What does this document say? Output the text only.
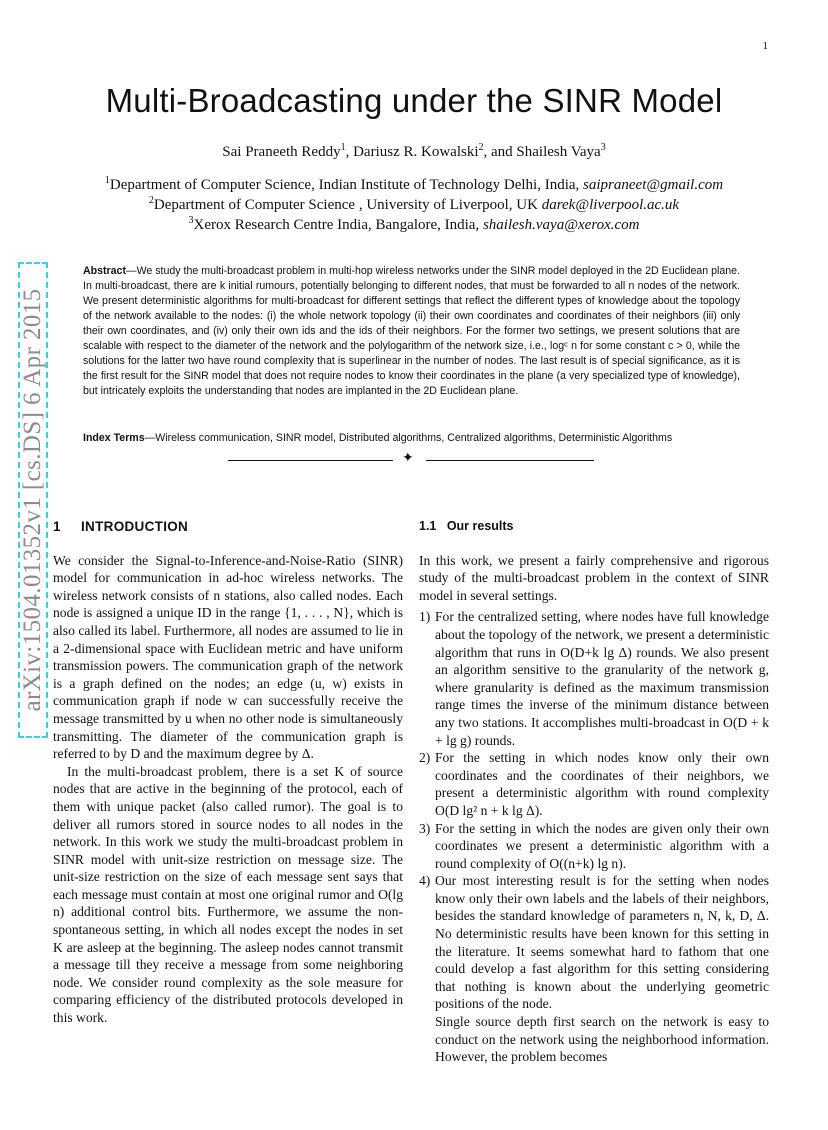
1
Multi-Broadcasting under the SINR Model
Sai Praneeth Reddy$^1$, Dariusz R. Kowalski$^2$, and Shailesh Vaya$^3$
$^1$Department of Computer Science, Indian Institute of Technology Delhi, India, saipraneet@gmail.com
$^2$Department of Computer Science , University of Liverpool, UK darek@liverpool.ac.uk
$^3$Xerox Research Centre India, Bangalore, India, shailesh.vaya@xerox.com
arXiv:1504.01352v1 [cs.DS] 6 Apr 2015
Abstract—We study the multi-broadcast problem in multi-hop wireless networks under the SINR model deployed in the 2D Euclidean plane. In multi-broadcast, there are k initial rumours, potentially belonging to different nodes, that must be forwarded to all n nodes of the network. We present deterministic algorithms for multi-broadcast for different settings that reflect the different types of knowledge about the topology of the network available to the nodes: (i) the whole network topology (ii) their own coordinates and coordinates of their neighbors (iii) only their own coordinates, and (iv) only their own ids and the ids of their neighbors. For the former two settings, we present solutions that are scalable with respect to the diameter of the network and the polylogarithm of the network size, i.e., logᶜ n for some constant c > 0, while the solutions for the latter two have round complexity that is superlinear in the number of nodes. The last result is of special significance, as it is the first result for the SINR model that does not require nodes to know their coordinates in the plane (a very specialized type of knowledge), but intricately exploits the understanding that nodes are implanted in the 2D Euclidean plane.
Index Terms—Wireless communication, SINR model, Distributed algorithms, Centralized algorithms, Deterministic Algorithms
✦
1 INTRODUCTION

We consider the Signal-to-Inference-and-Noise-Ratio (SINR) model for communication in ad-hoc wireless networks. The wireless network consists of n stations, also called nodes. Each node is assigned a unique ID in the range {1, . . . , N}, which is also called its label. Furthermore, all nodes are assumed to lie in a 2-dimensional space with Euclidean metric and have uniform transmission powers. The communication graph of the network is a graph defined on the nodes; an edge (u, w) exists in communication graph if node w can successfully receive the message transmitted by u when no other node is simultaneously transmitting. The diameter of the communication graph is referred to by D and the maximum degree by Δ.

In the multi-broadcast problem, there is a set K of source nodes that are active in the beginning of the protocol, each of them with unique packet (also called rumor). The goal is to deliver all rumors stored in source nodes to all nodes in the network. In this work we study the multi-broadcast problem in SINR model with unit-size restriction on message size. The unit-size restriction on the size of each message sent says that each message must contain at most one original rumor and O(lg n) additional control bits. Furthermore, we assume the non-spontaneous setting, in which all nodes except the nodes in set K are asleep at the beginning. The asleep nodes cannot transmit a message till they receive a message from some neighboring node. We consider round complexity as the sole measure for comparing efficiency of the distributed protocols developed in this work.

1.1 Our results

In this work, we present a fairly comprehensive and rigorous study of the multi-broadcast problem in the context of SINR model in several settings.

1) For the centralized setting, where nodes have full knowledge about the topology of the network, we present a deterministic algorithm that runs in O(D+k lg Δ) rounds. We also present an algorithm sensitive to the granularity of the network g, where granularity is defined as the maximum transmission range times the inverse of the minimum distance between any two stations. It accomplishes multi-broadcast in O(D + k + lg g) rounds.
2) For the setting in which nodes know only their own coordinates and the coordinates of their neighbors, we present a deterministic algorithm with round complexity O(D lg² n + k lg Δ).
3) For the setting in which the nodes are given only their own coordinates we present a deterministic algorithm with a round complexity of O((n+k) lg n).
4) Our most interesting result is for the setting when nodes know only their own labels and the labels of their neighbors, besides the standard knowledge of parameters n, N, k, D, Δ. No deterministic results have been known for this setting in the literature. It seems somewhat hard to fathom that one could develop a fast algorithm for this setting considering that nothing is known about the underlying geometric positions of the node.

Single source depth first search on the network is easy to conduct on the network using the neighborhood information. However, the problem becomes
